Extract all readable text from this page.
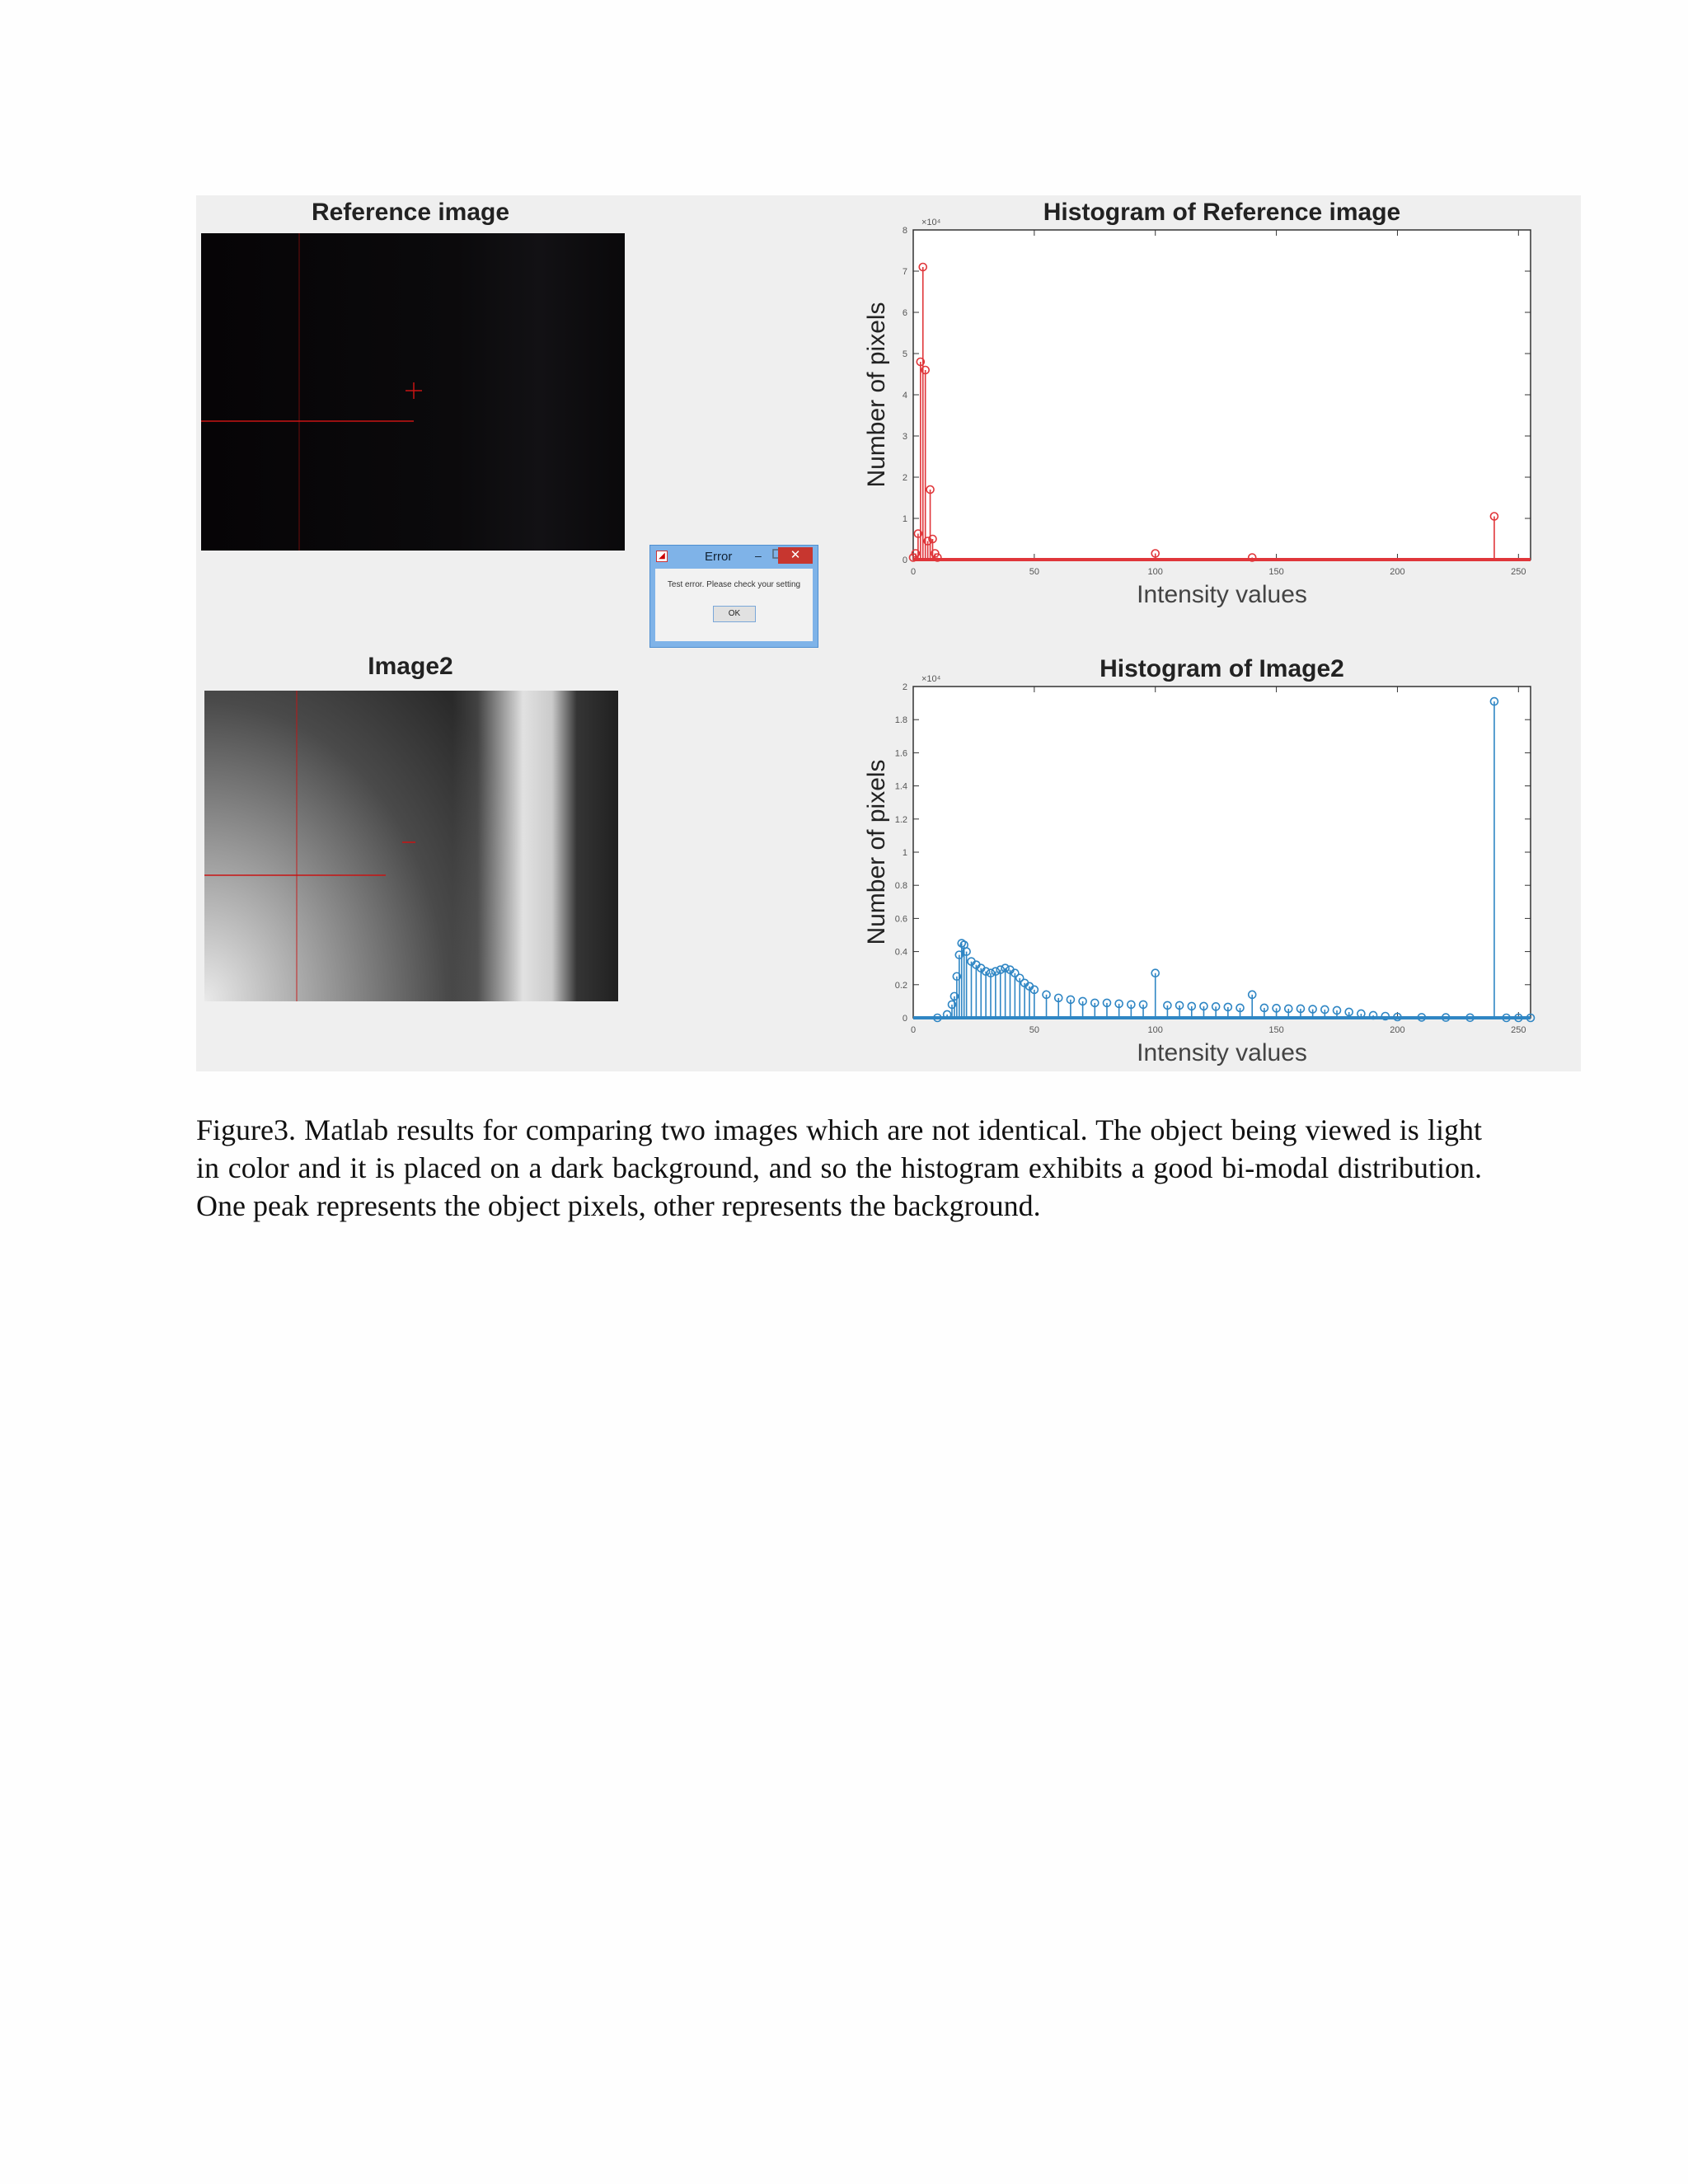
Reference image
Image2
◢	Error –	✕
Test error. Please check your setting
OK
0	50	100	150	200	250
0
1
2
3
4
5
6
7
8
×10⁴	Histogram of Reference image
Intensity values
Number of pixels
0	50	100	150	200	250
0
0.2
0.4
0.6
0.8
1
1.2
1.4
1.6
1.8
2
×10⁴	Histogram of Image2
Intensity values
Number of pixels

Figure3. Matlab results for comparing two images which are not identical. The object being viewed is light in color and it is placed on a dark background, and so the histogram exhibits a good bi-modal distribution. One peak represents the object pixels, other represents the background.
